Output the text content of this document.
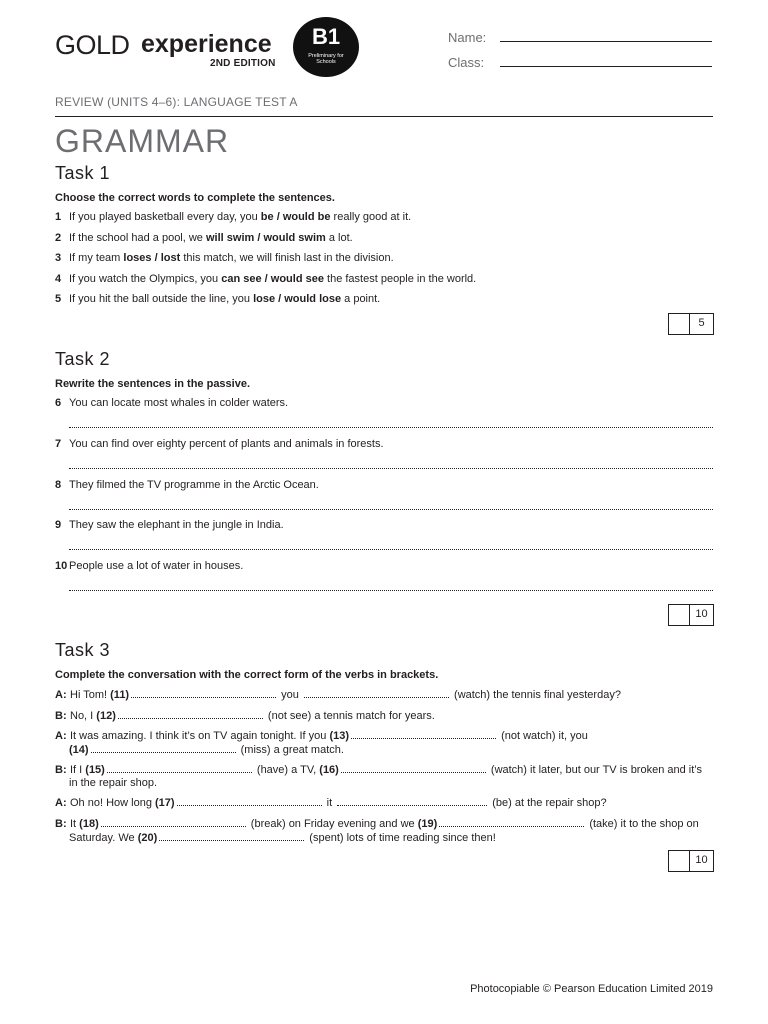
GOLD experience
2ND EDITION
B1
Preliminary for
Schools
Name:
Class:
REVIEW (UNITS 4–6): LANGUAGE TEST A
GRAMMAR
Task 1
Choose the correct words to complete the sentences.
1 If you played basketball every day, you be / would be really good at it.
2 If the school had a pool, we will swim / would swim a lot.
3 If my team loses / lost this match, we will finish last in the division.
4 If you watch the Olympics, you can see / would see the fastest people in the world.
5 If you hit the ball outside the line, you lose / would lose a point.
5
Task 2
Rewrite the sentences in the passive.
6 You can locate most whales in colder waters.
7 You can find over eighty percent of plants and animals in forests.
8 They filmed the TV programme in the Arctic Ocean.
9 They saw the elephant in the jungle in India.
10 People use a lot of water in houses.
10
Task 3
Complete the conversation with the correct form of the verbs in brackets.
A: Hi Tom! (11)	you	(watch) the tennis final yesterday?
B: No, I (12)	(not see) a tennis match for years.
A: It was amazing. I think it’s on TV again tonight. If you (13)	(not watch) it, you
(14)	(miss) a great match.
B: If I (15)	(have) a TV, (16)	(watch) it later, but our TV is broken and it’s
in the repair shop.
A: Oh no! How long (17)	it	(be) at the repair shop?
B: It (18)	(break) on Friday evening and we (19)	(take) it to the shop on
Saturday. We (20)	(spent) lots of time reading since then!
10
Photocopiable © Pearson Education Limited 2019
